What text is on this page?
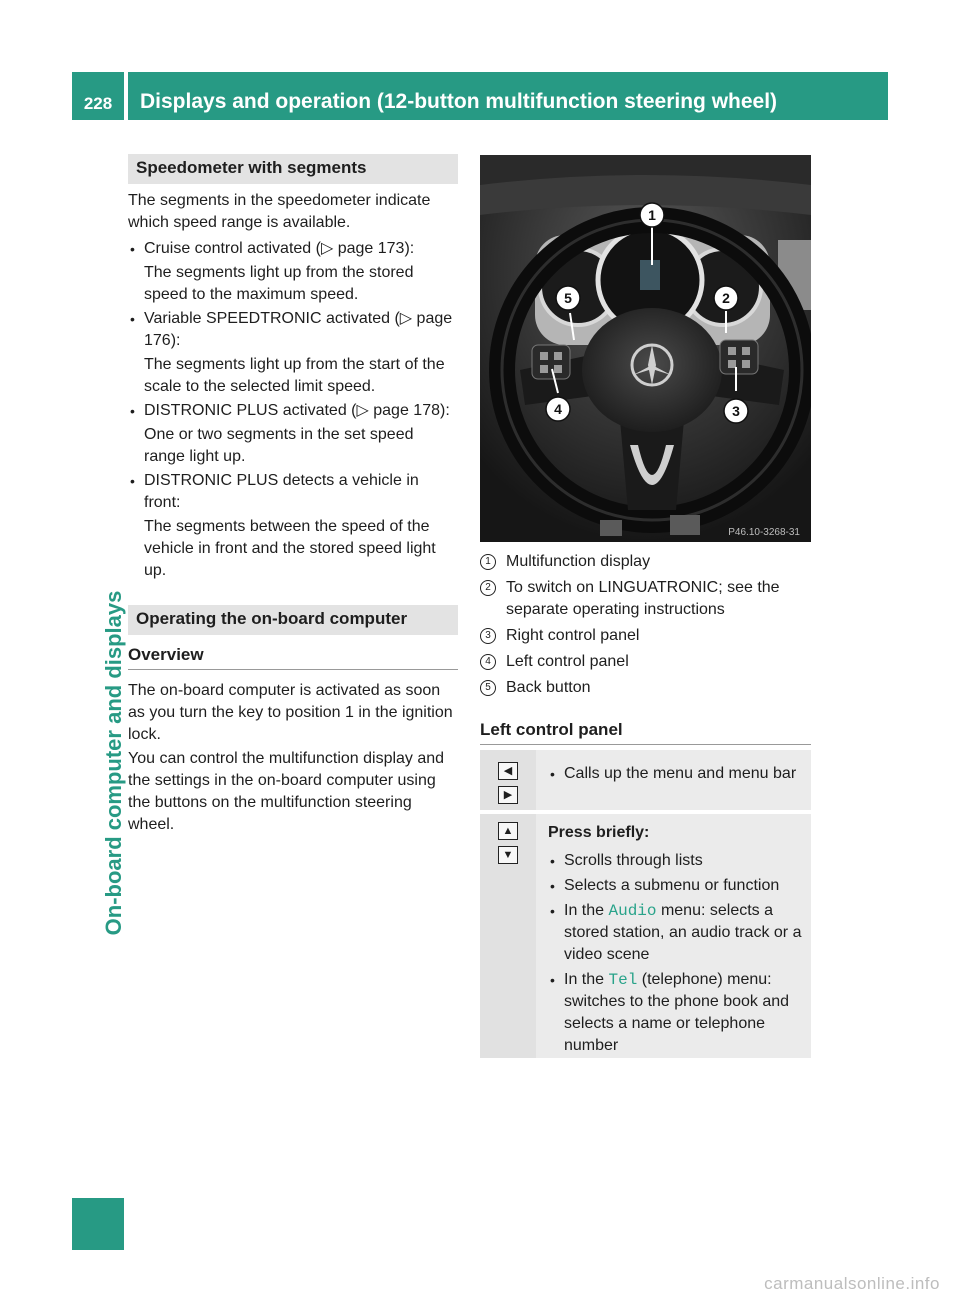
228	Displays and operation (12-button multifunction steering wheel)
On-board computer and displays
Speedometer with segments

The segments in the speedometer indicate which speed range is available.

• Cruise control activated (▷ page 173):
The segments light up from the stored speed to the maximum speed.
• Variable SPEEDTRONIC activated (▷ page 176):
The segments light up from the start of the scale to the selected limit speed.
• DISTRONIC PLUS activated (▷ page 178):
One or two segments in the set speed range light up.
• DISTRONIC PLUS detects a vehicle in front:
The segments between the speed of the vehicle in front and the stored speed light up.
Operating the on-board computer
Overview

The on-board computer is activated as soon as you turn the key to position 1 in the ignition lock.

You can control the multifunction display and the settings in the on-board computer using the buttons on the multifunction steering wheel.

1
2
3
4
5
P46.10-3268-31
1 Multifunction display
2 To switch on LINGUATRONIC; see the separate operating instructions
3 Right control panel
4 Left control panel
5 Back button
Left control panel
◀
▶
• Calls up the menu and menu bar
▲
▼
Press briefly:
• Scrolls through lists
• Selects a submenu or function
• In the Audio menu: selects a stored station, an audio track or a video scene
• In the Tel (telephone) menu: switches to the phone book and selects a name or telephone number
carmanualsonline.info
